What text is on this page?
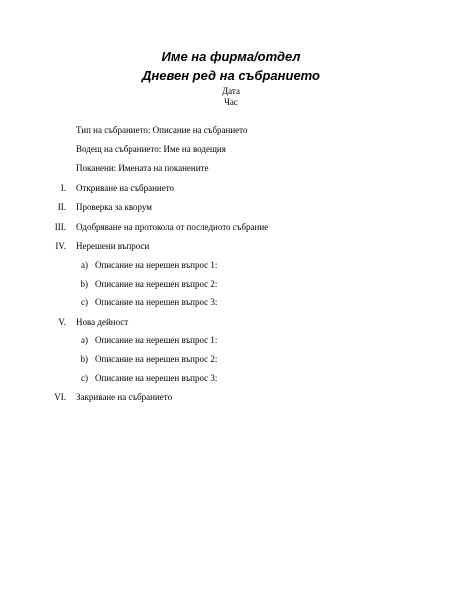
Име на фирма/отдел
Дневен ред на събранието
Дата
Час
Тип на събранието: Описание на събранието
Водещ на събранието: Име на водещия
Поканени: Имената на поканените
I. Откриване на събранието
II. Проверка за кворум
III. Одобряване на протокола от последното събрание
IV. Нерешени въпроси
a) Описание на нерешен въпрос 1:
b) Описание на нерешен въпрос 2:
c) Описание на нерешен въпрос 3:
V. Нова дейност
a) Описание на нерешен въпрос 1:
b) Описание на нерешен въпрос 2:
c) Описание на нерешен въпрос 3:
VI. Закриване на събранието
